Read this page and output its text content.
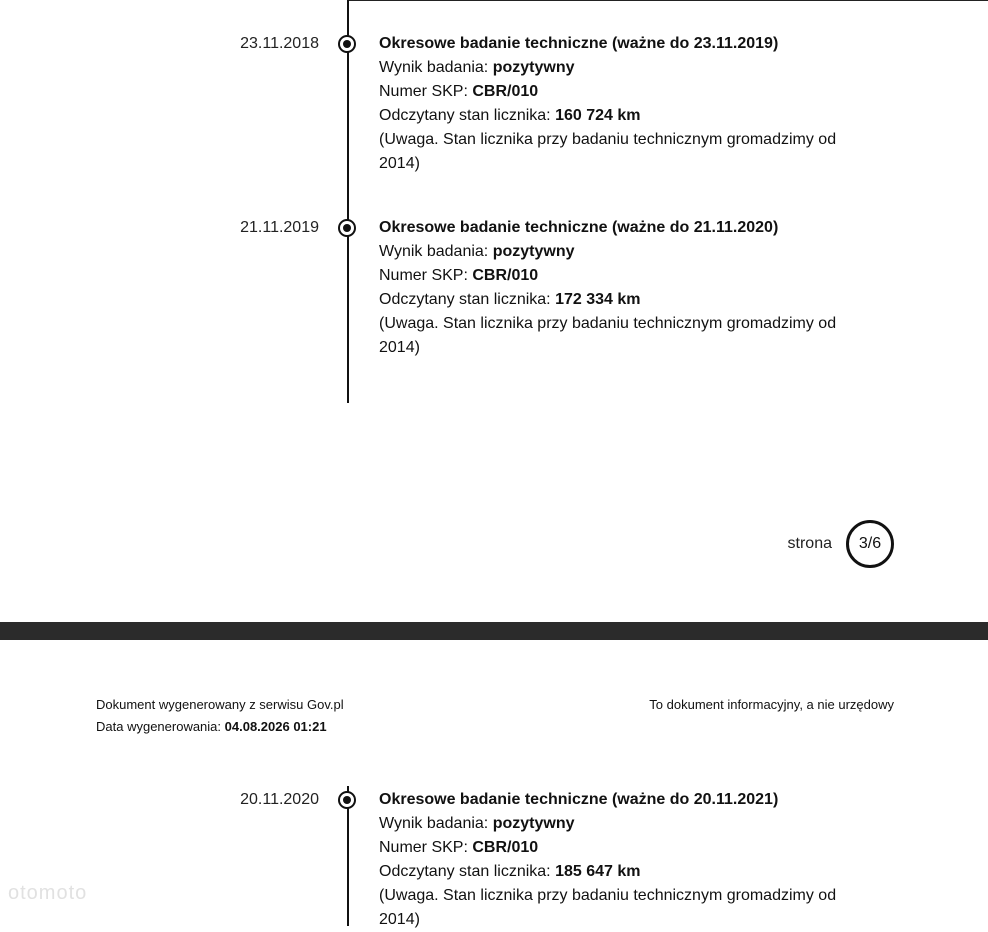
23.11.2018	Okresowe badanie techniczne (ważne do 23.11.2019)
Wynik badania: pozytywny
Numer SKP: CBR/010
Odczytany stan licznika: 160 724 km
(Uwaga. Stan licznika przy badaniu technicznym gromadzimy od 2014)
21.11.2019	Okresowe badanie techniczne (ważne do 21.11.2020)
Wynik badania: pozytywny
Numer SKP: CBR/010
Odczytany stan licznika: 172 334 km
(Uwaga. Stan licznika przy badaniu technicznym gromadzimy od 2014)
strona	3/6
Dokument wygenerowany z serwisu Gov.pl
Data wygenerowania: 04.08.2026 01:21
To dokument informacyjny, a nie urzędowy
20.11.2020	Okresowe badanie techniczne (ważne do 20.11.2021)
Wynik badania: pozytywny
Numer SKP: CBR/010
Odczytany stan licznika: 185 647 km
(Uwaga. Stan licznika przy badaniu technicznym gromadzimy od 2014)
otomoto
